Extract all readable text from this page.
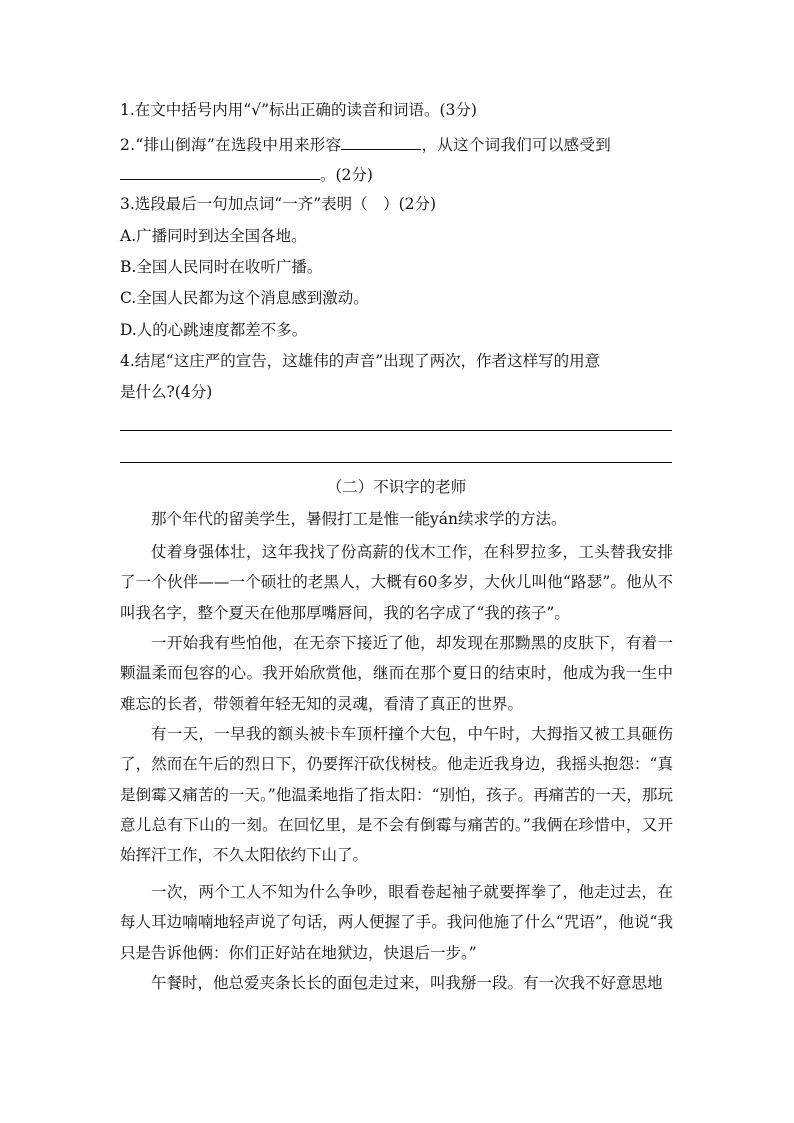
1.在文中括号内用“√”标出正确的读音和词语。(3分)
2.“排山倒海”在选段中用来形容	，从这个词我们可以感受到
。(2分)
3.选段最后一句加点词“一齐”表明（　）(2分)
A.广播同时到达全国各地。
B.全国人民同时在收听广播。
C.全国人民都为这个消息感到激动。
D.人的心跳速度都差不多。
4.结尾“这庄严的宣告，这雄伟的声音”出现了两次，作者这样写的用意
是什么?(4分)
（二）不识字的老师
那个年代的留美学生，暑假打工是惟一能yán续求学的方法。
仗着身强体壮，这年我找了份高薪的伐木工作，在科罗拉多，工头替我安排了一个伙伴——一个硕壮的老黑人，大概有60多岁，大伙儿叫他“路瑟”。他从不叫我名字，整个夏天在他那厚嘴唇间，我的名字成了“我的孩子”。
一开始我有些怕他，在无奈下接近了他，却发现在那黝黑的皮肤下，有着一颗温柔而包容的心。我开始欣赏他，继而在那个夏日的结束时，他成为我一生中难忘的长者，带领着年轻无知的灵魂，看清了真正的世界。
有一天，一早我的额头被卡车顶杆撞个大包，中午时，大拇指又被工具砸伤了，然而在午后的烈日下，仍要挥汗砍伐树枝。他走近我身边，我摇头抱怨：“真是倒霉又痛苦的一天。”他温柔地指了指太阳：“别怕，孩子。再痛苦的一天，那玩意儿总有下山的一刻。在回忆里，是不会有倒霉与痛苦的。”我俩在珍惜中，又开始挥汗工作，不久太阳依约下山了。
一次，两个工人不知为什么争吵，眼看卷起袖子就要挥拳了，他走过去，在每人耳边喃喃地轻声说了句话，两人便握了手。我问他施了什么“咒语”，他说“我只是告诉他俩：你们正好站在地狱边，快退后一步。”
午餐时，他总爱夹条长长的面包走过来，叫我掰一段。有一次我不好意思地
